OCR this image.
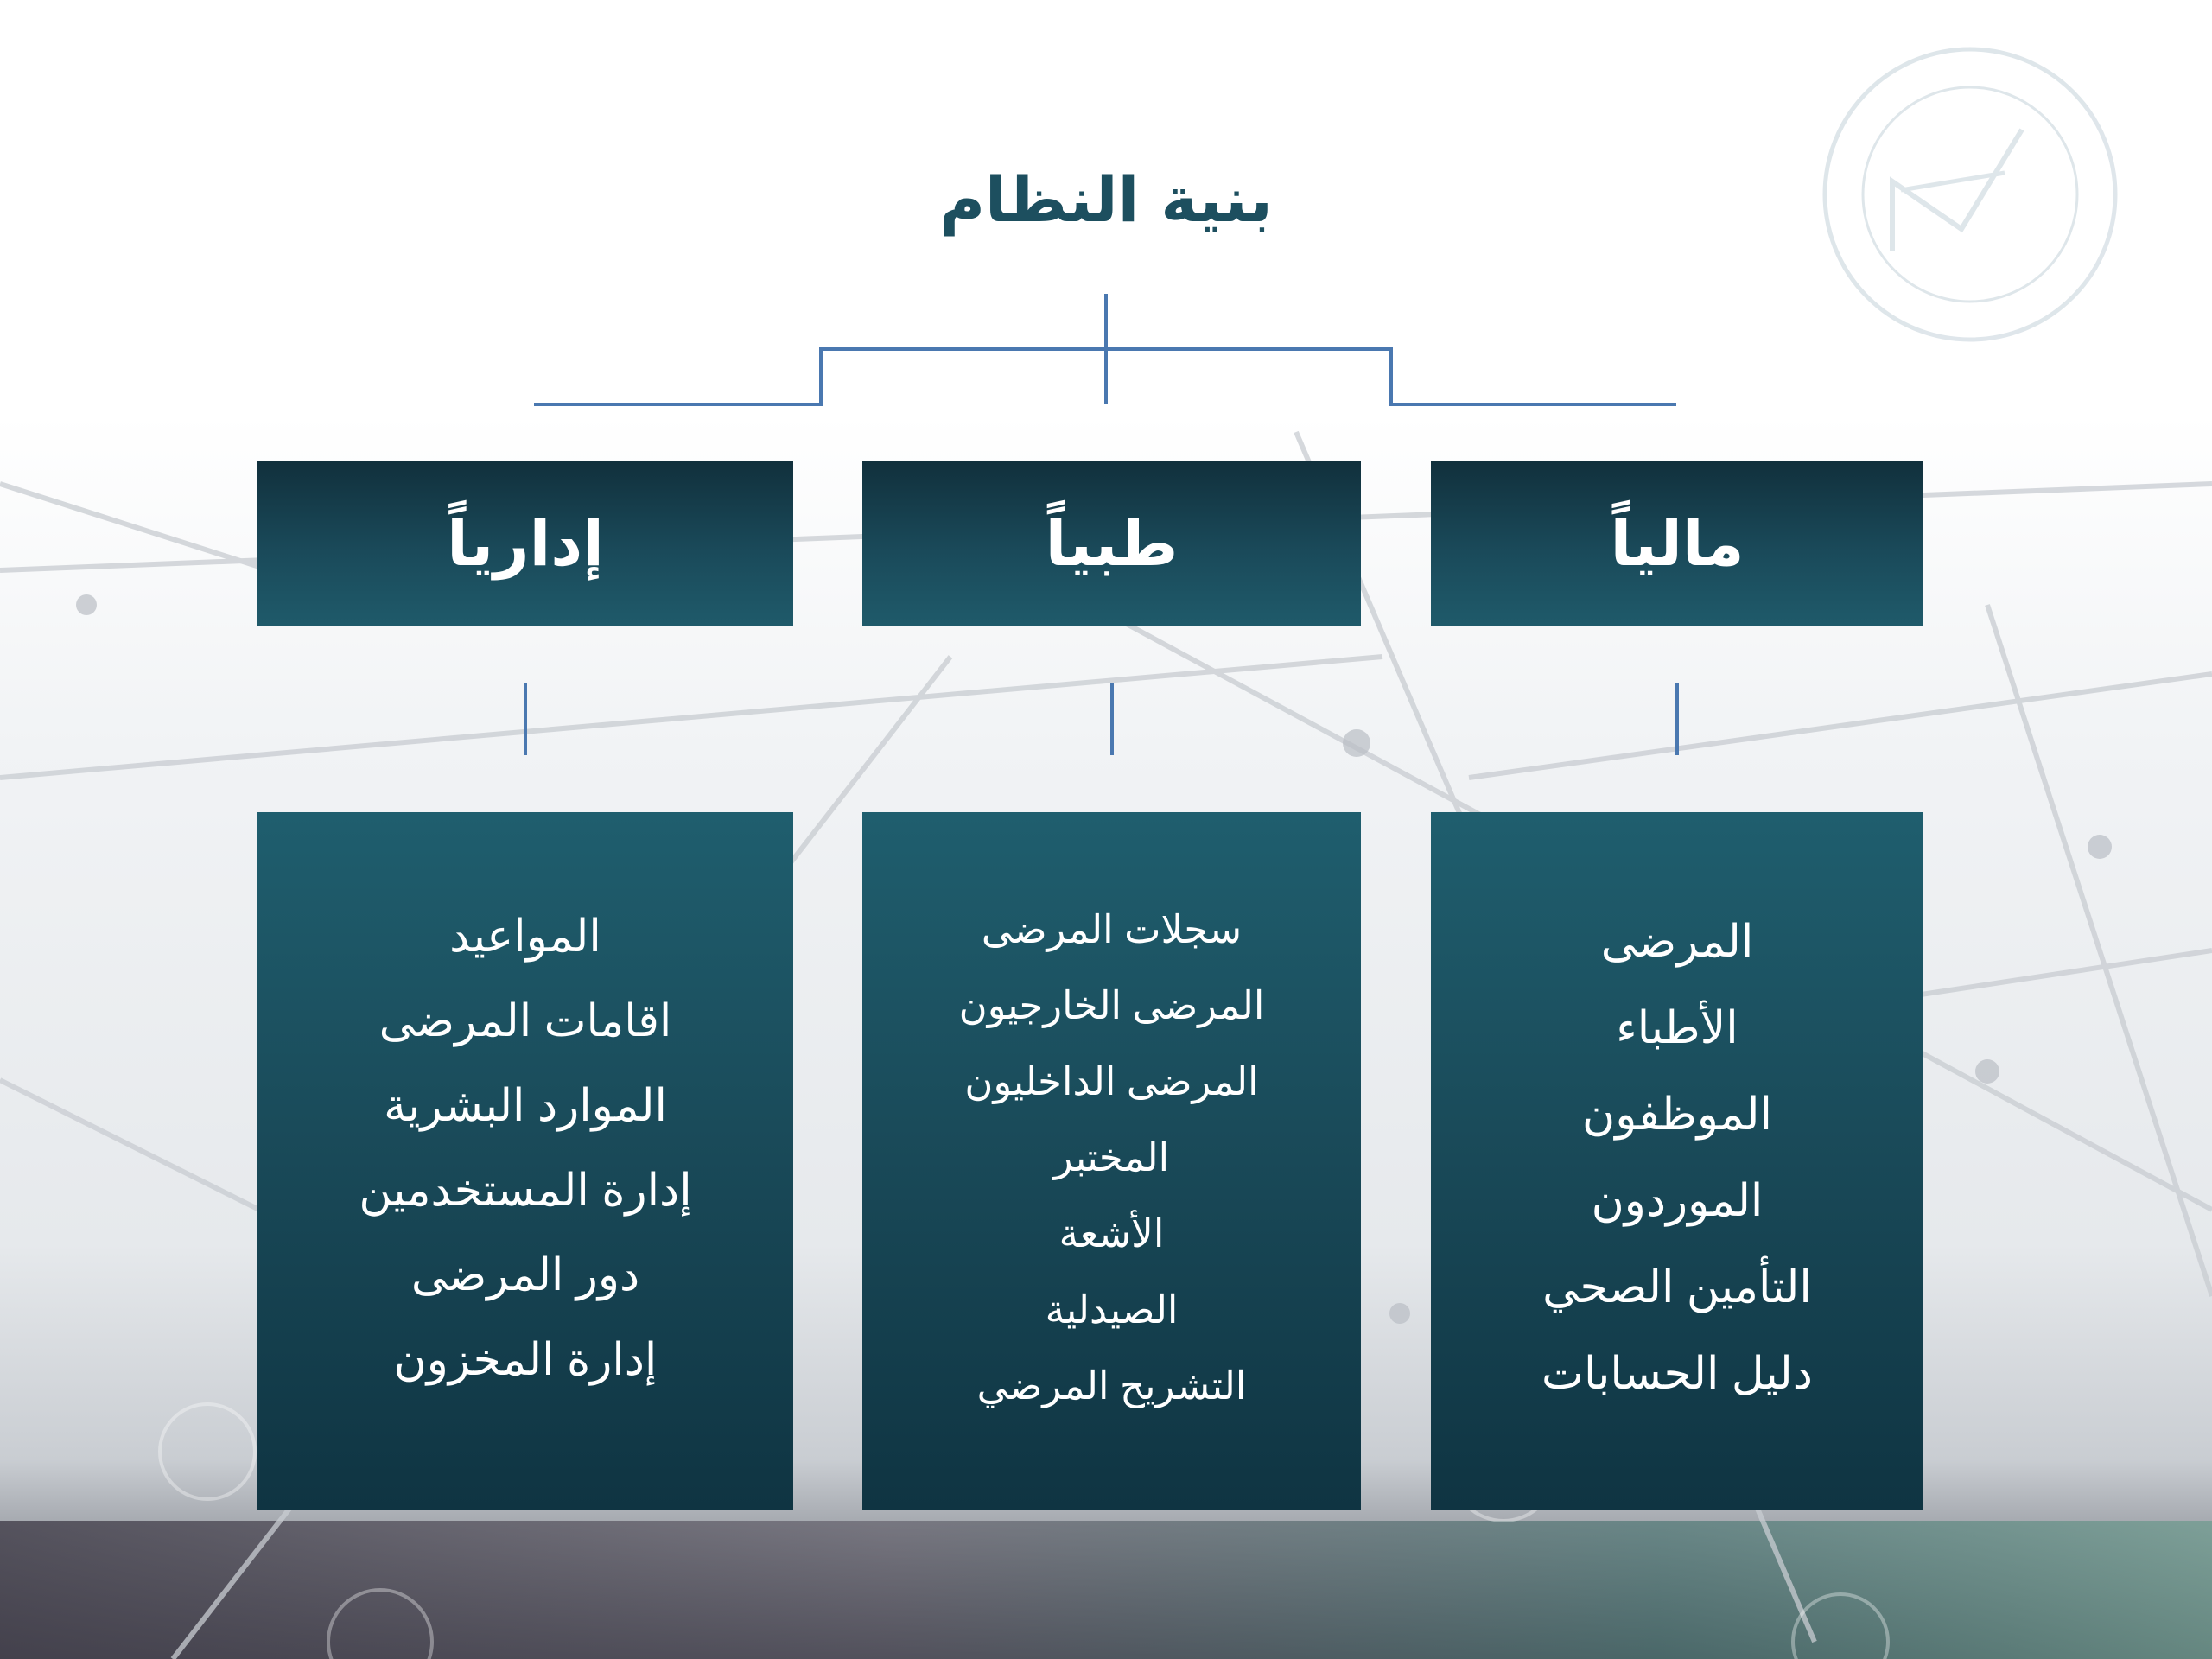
بنية النظام
مالياً
طبياً
إدارياً
المرضى
الأطباء
الموظفون
الموردون
التأمين الصحي
دليل الحسابات
سجلات المرضى
المرضى الخارجيون
المرضى الداخليون
المختبر
الأشعة
الصيدلية
التشريح المرضي
المواعيد
اقامات المرضى
الموارد البشرية
إدارة المستخدمين
دور المرضى
إدارة المخزون
